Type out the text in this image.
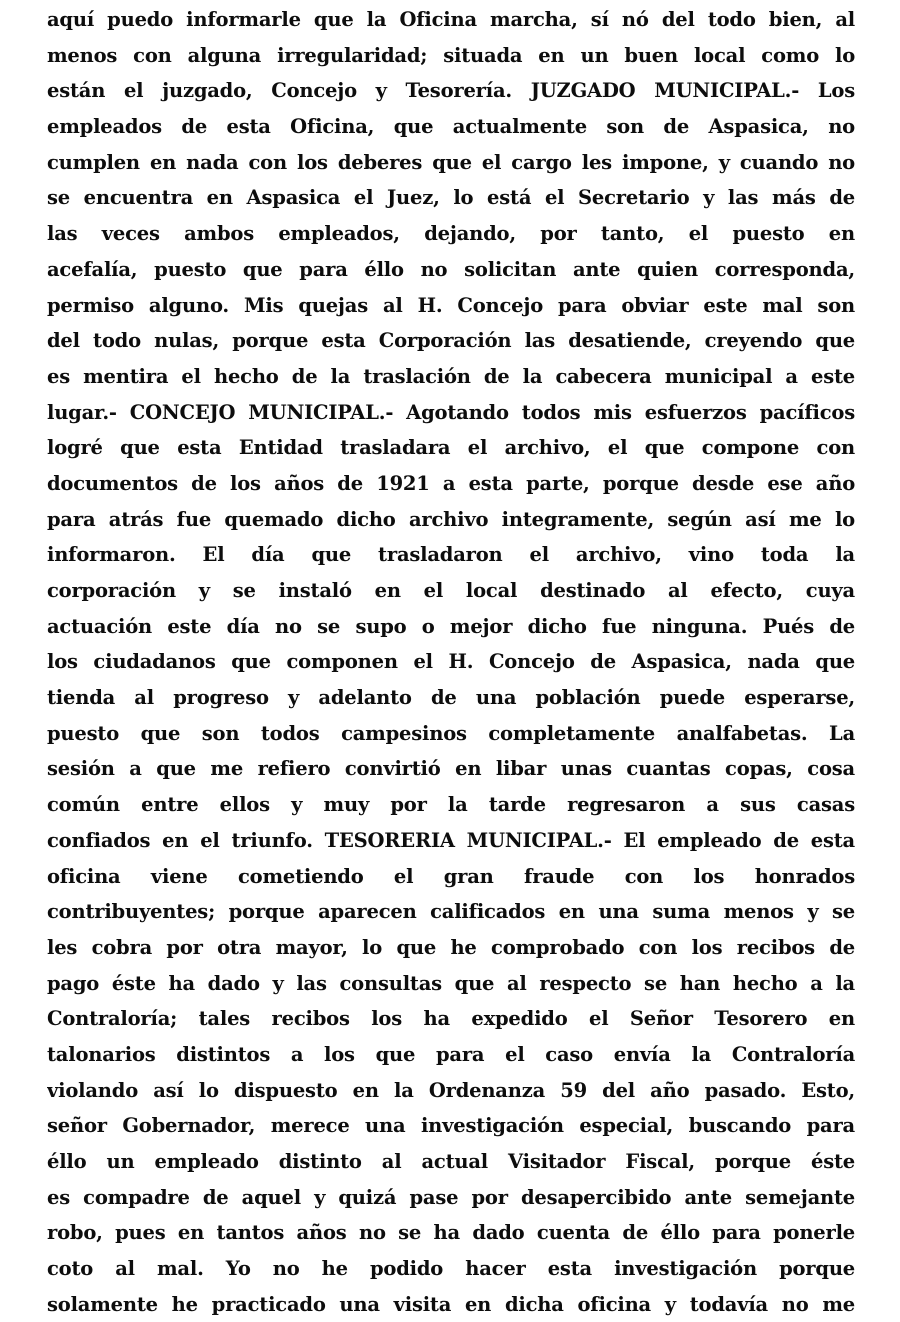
aquí puedo informarle que la Oficina marcha, sí nó del todo bien, al
menos con alguna irregularidad; situada en un buen local como lo
están el juzgado, Concejo y Tesorería. JUZGADO MUNICIPAL.- Los
empleados de esta Oficina, que actualmente son de Aspasica, no
cumplen en nada con los deberes que el cargo les impone, y cuando no
se encuentra en Aspasica el Juez, lo está el Secretario y las más de
las veces ambos empleados, dejando, por tanto, el puesto en
acefalía, puesto que para éllo no solicitan ante quien corresponda,
permiso alguno. Mis quejas al H. Concejo para obviar este mal son
del todo nulas, porque esta Corporación las desatiende, creyendo que
es mentira el hecho de la traslación de la cabecera municipal a este
lugar.- CONCEJO MUNICIPAL.- Agotando todos mis esfuerzos pacíficos
logré que esta Entidad trasladara el archivo, el que compone con
documentos de los años de 1921 a esta parte, porque desde ese año
para atrás fue quemado dicho archivo integramente, según así me lo
informaron. El día que trasladaron el archivo, vino toda la
corporación y se instaló en el local destinado al efecto, cuya
actuación este día no se supo o mejor dicho fue ninguna. Pués de
los ciudadanos que componen el H. Concejo de Aspasica, nada que
tienda al progreso y adelanto de una población puede esperarse,
puesto que son todos campesinos completamente analfabetas. La
sesión a que me refiero convirtió en libar unas cuantas copas, cosa
común entre ellos y muy por la tarde regresaron a sus casas
confiados en el triunfo. TESORERIA MUNICIPAL.- El empleado de esta
oficina viene cometiendo el gran fraude con los honrados
contribuyentes; porque aparecen calificados en una suma menos y se
les cobra por otra mayor, lo que he comprobado con los recibos de
pago éste ha dado y las consultas que al respecto se han hecho a la
Contraloría; tales recibos los ha expedido el Señor Tesorero en
talonarios distintos a los que para el caso envía la Contraloría
violando así lo dispuesto en la Ordenanza 59 del año pasado. Esto,
señor Gobernador, merece una investigación especial, buscando para
éllo un empleado distinto al actual Visitador Fiscal, porque éste
es compadre de aquel y quizá pase por desapercibido ante semejante
robo, pues en tantos años no se ha dado cuenta de éllo para ponerle
coto al mal. Yo no he podido hacer esta investigación porque
solamente he practicado una visita en dicha oficina y todavía no me
